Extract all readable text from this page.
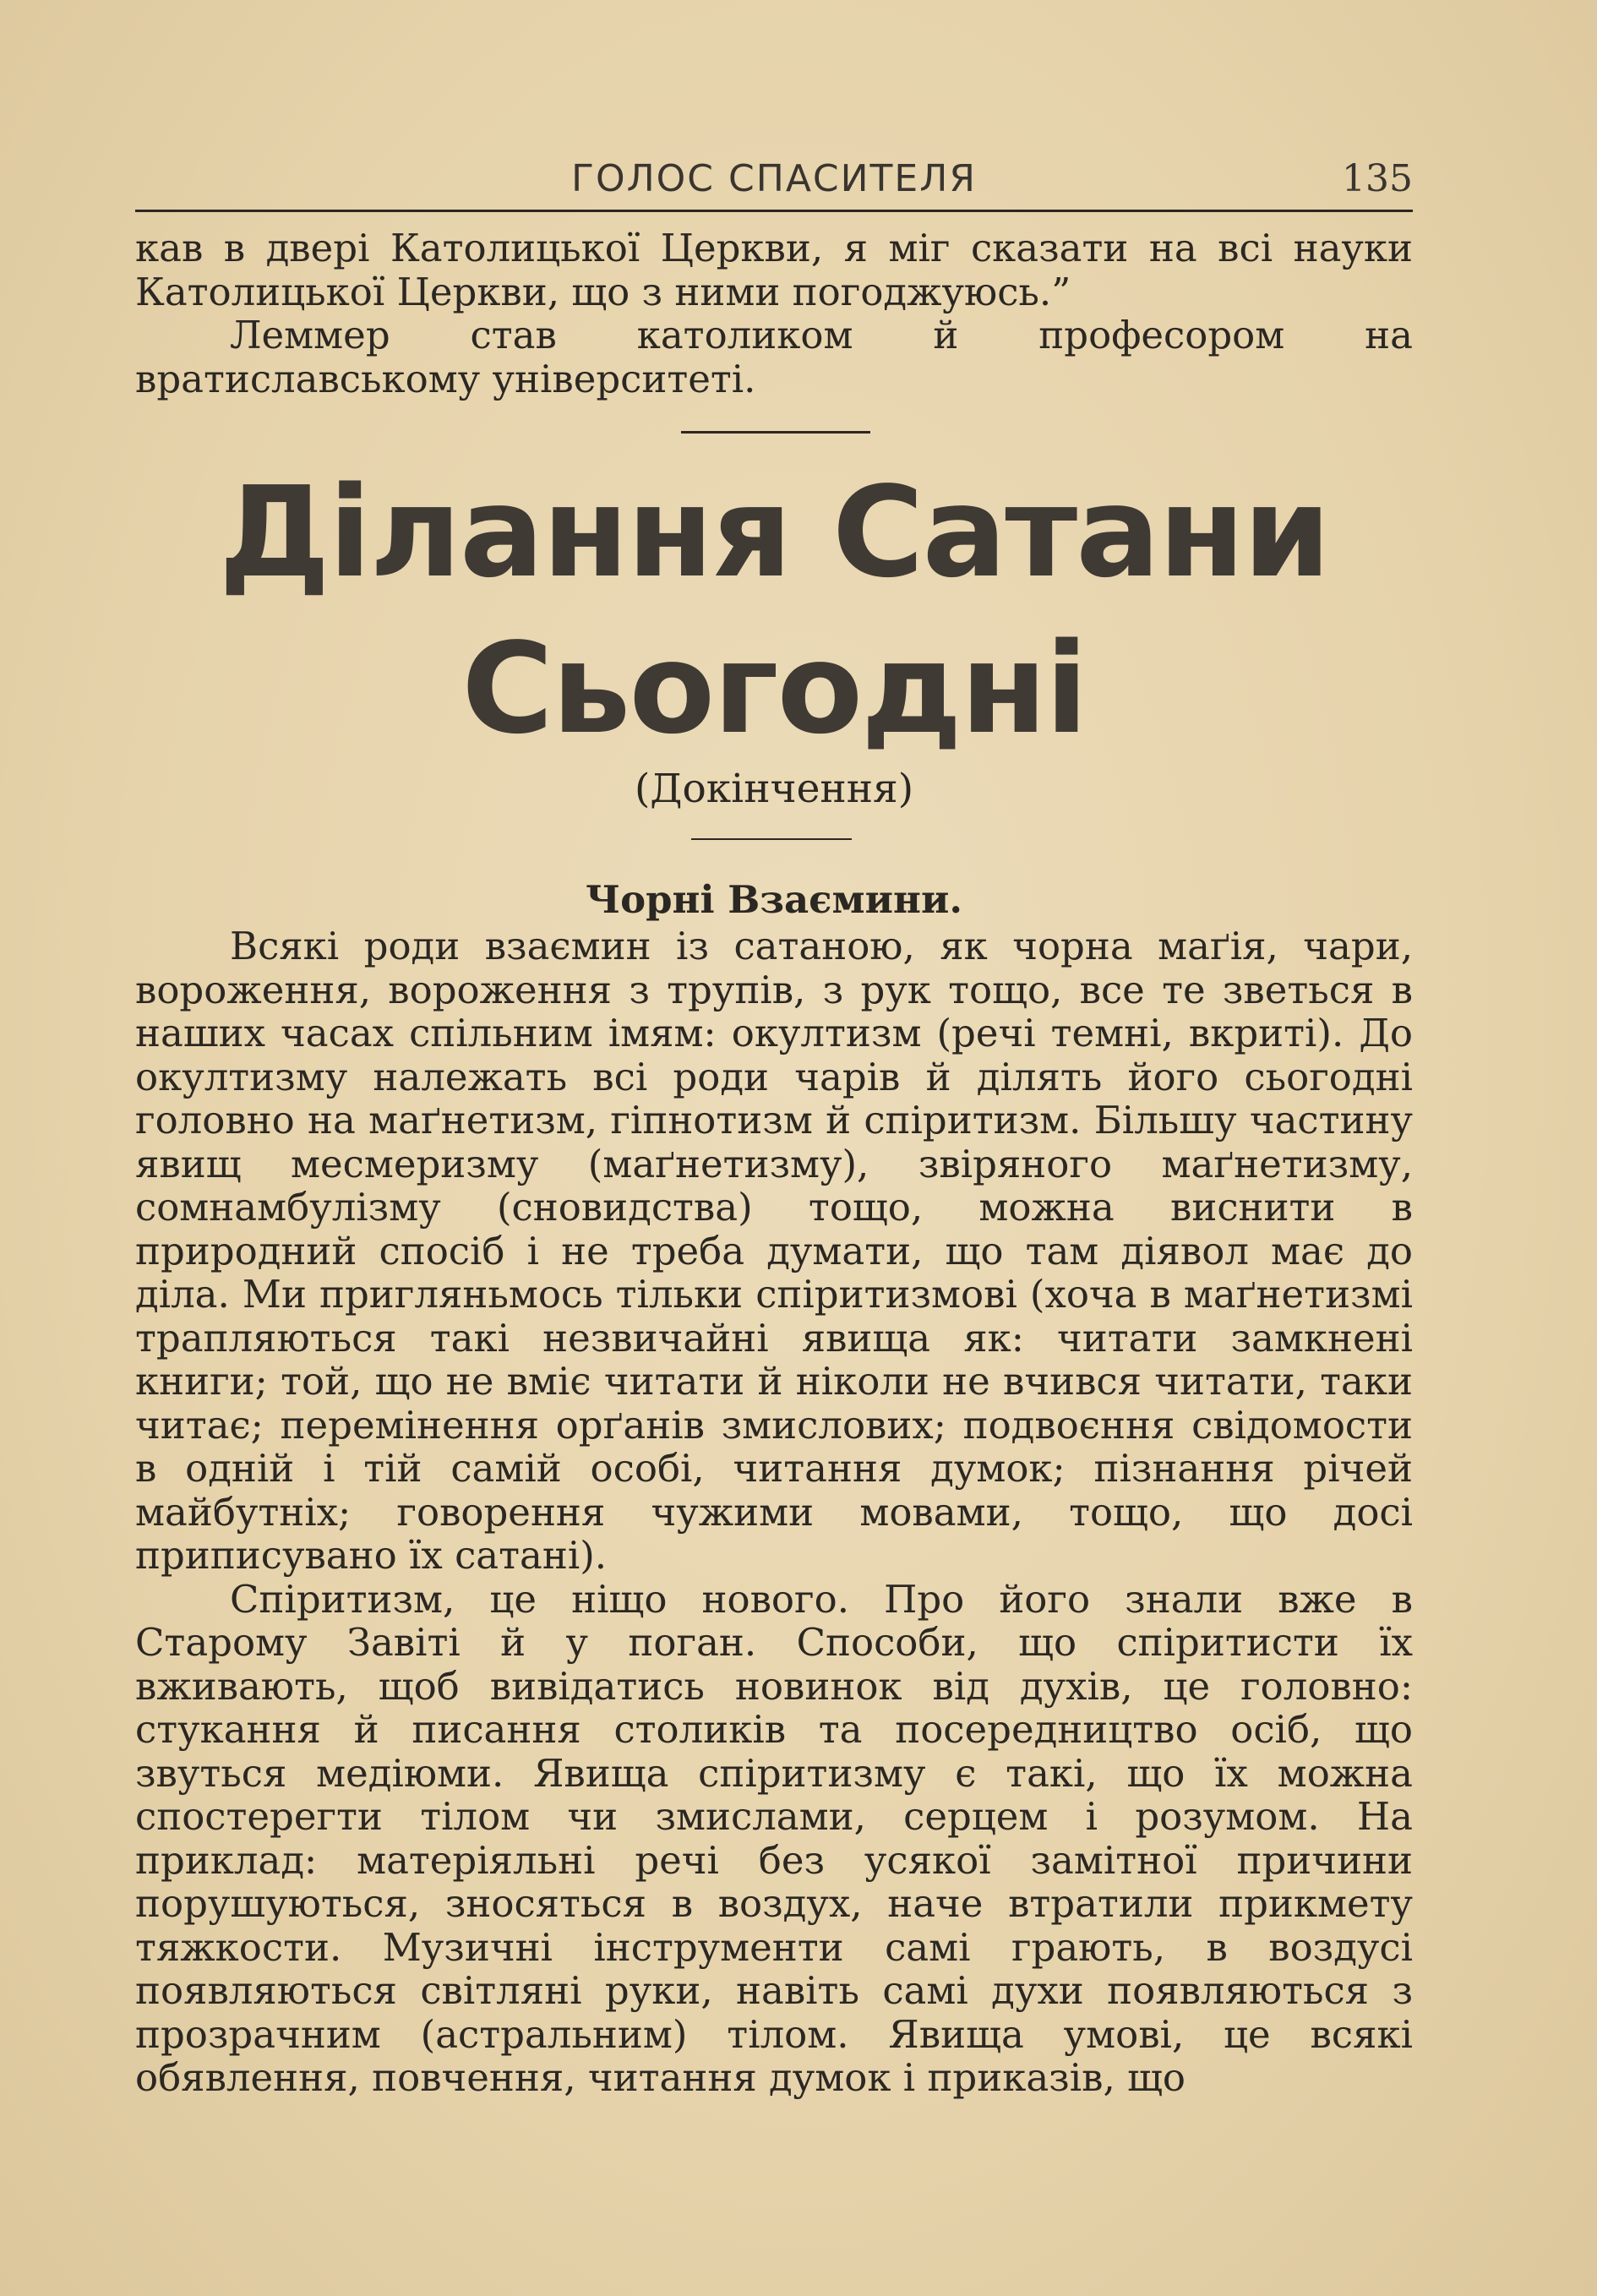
ГОЛОС СПАСИТЕЛЯ	135

кав в двері Католицької Церкви, я міг сказати на всі науки Католицької Церкви, що з ними погоджуюсь.”

Леммер став католиком й професором на вратиславському університеті.

Ділання Сатани
Сьогодні
(Докінчення)
Чорні Взаємини.

Всякі роди взаємин із сатаною, як чорна маґія, чари, вороження, вороження з трупів, з рук тощо, все те зветься в наших часах спільним імям: окултизм (речі темні, вкриті). До окултизму належать всі роди чарів й ділять його сьогодні головно на маґнетизм, гіпнотизм й спіритизм. Більшу частину явищ месмеризму (маґнетизму), звіряного маґнетизму, сомнамбулізму (сновидства) тощо, можна виснити в природний спосіб і не треба думати, що там діявол має до діла. Ми пригляньмось тільки спіритизмові (хоча в маґнетизмі трапляються такі незвичайні явища як: читати замкнені книги; той, що не вміє читати й ніколи не вчився читати, таки читає; перемінення орґанів змислових; подвоєння свідомости в одній і тій самій особі, читання думок; пізнання річей майбутніх; говорення чужими мовами, тощо, що досі приписувано їх сатані).

Спіритизм, це ніщо нового. Про його знали вже в Старому Завіті й у поган. Способи, що спіритисти їх вживають, щоб вивідатись новинок від духів, це головно: стукання й писання столиків та посередництво осіб, що звуться медіюми. Явища спіритизму є такі, що їх можна спостерегти тілом чи змислами, серцем і розумом. На приклад: матеріяльні речі без усякої замітної причини порушуються, зносяться в воздух, наче втратили прикмету тяжкости. Музичні інструменти самі грають, в воздусі появляються світляні руки, навіть самі духи появляються з прозрачним (астральним) тілом. Явища умові, це всякі обявлення, повчення, читання думок і приказів, що
